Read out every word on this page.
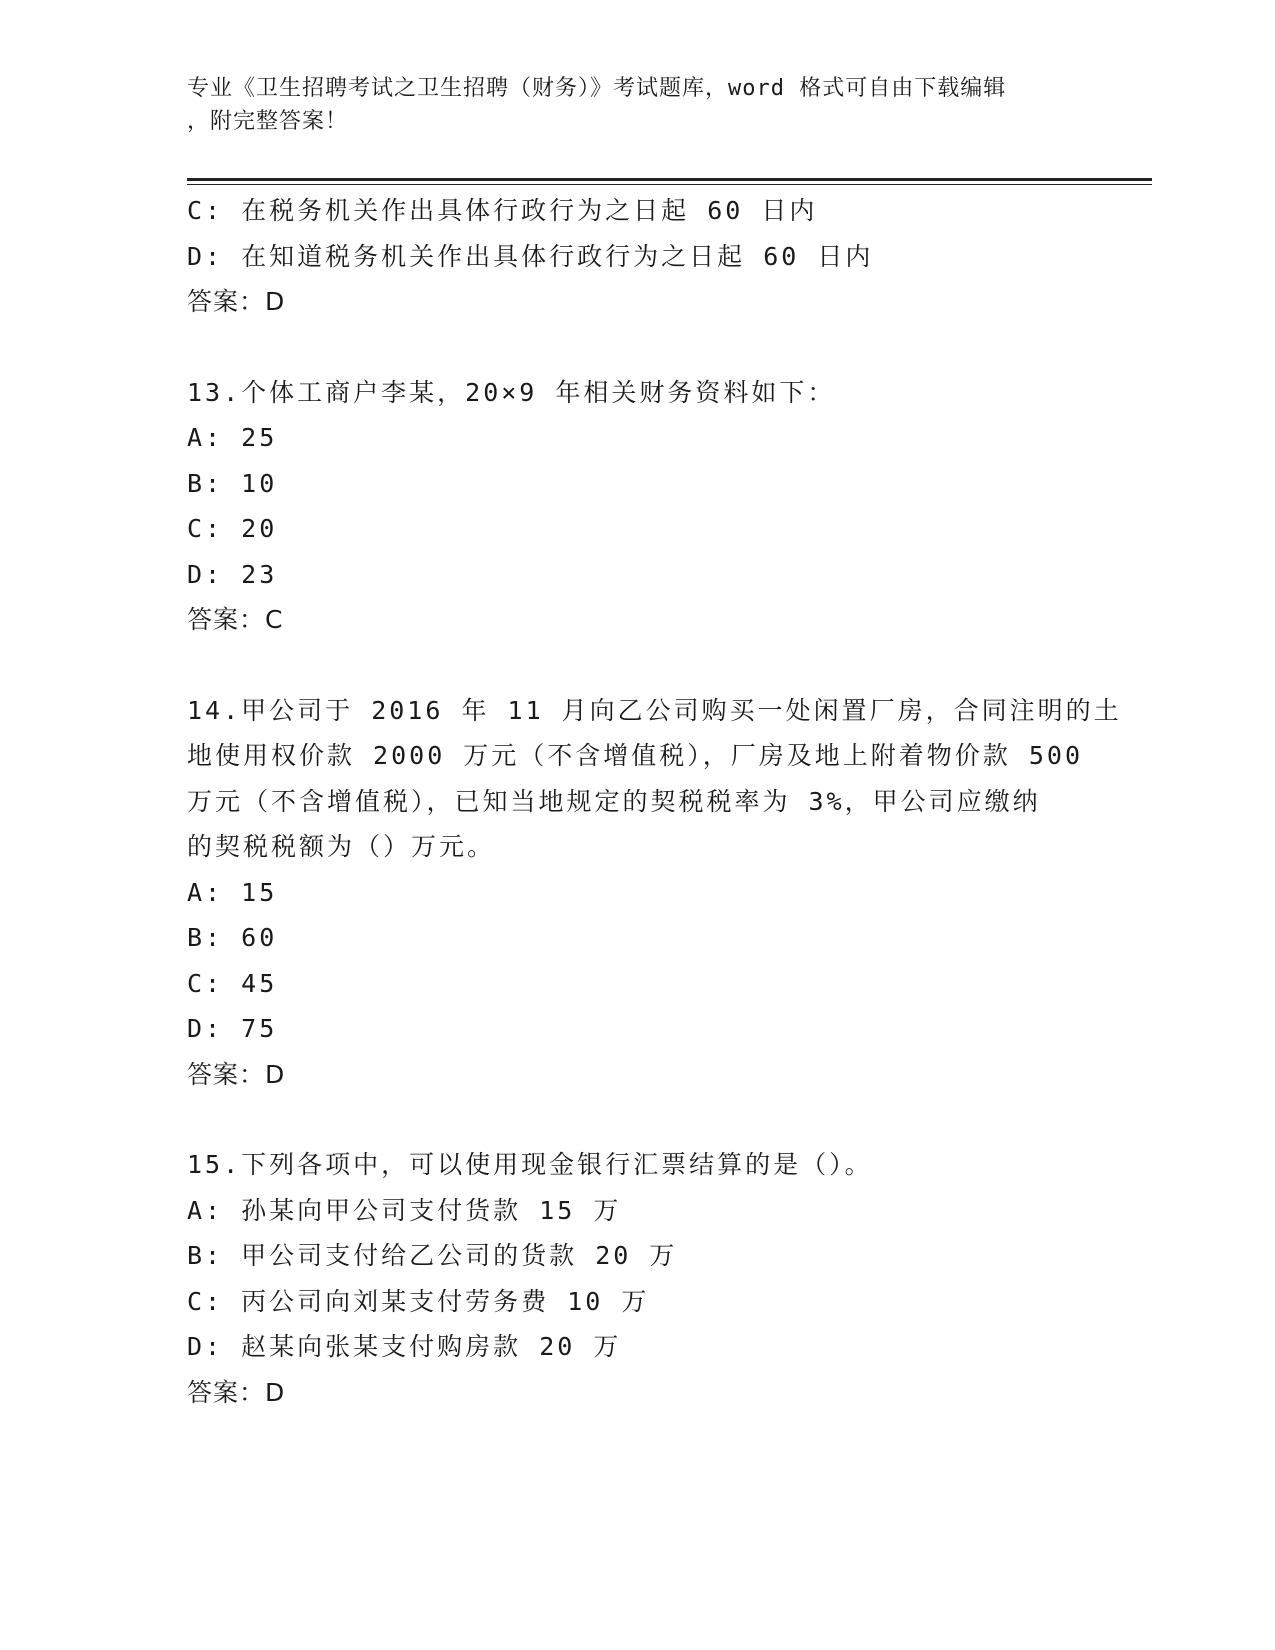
专业《卫生招聘考试之卫生招聘（财务）》考试题库，word 格式可自由下载编辑
，附完整答案！
C: 在税务机关作出具体行政行为之日起 60 日内
D: 在知道税务机关作出具体行政行为之日起 60 日内
答案：D
13.个体工商户李某，20×9 年相关财务资料如下：
A: 25
B: 10
C: 20
D: 23
答案：C
14.甲公司于 2016 年 11 月向乙公司购买一处闲置厂房，合同注明的土
地使用权价款 2000 万元（不含增值税），厂房及地上附着物价款 500
万元（不含增值税），已知当地规定的契税税率为 3%，甲公司应缴纳
的契税税额为（）万元。
A: 15
B: 60
C: 45
D: 75
答案：D
15.下列各项中，可以使用现金银行汇票结算的是（）。
A: 孙某向甲公司支付货款 15 万
B: 甲公司支付给乙公司的货款 20 万
C: 丙公司向刘某支付劳务费 10 万
D: 赵某向张某支付购房款 20 万
答案：D
